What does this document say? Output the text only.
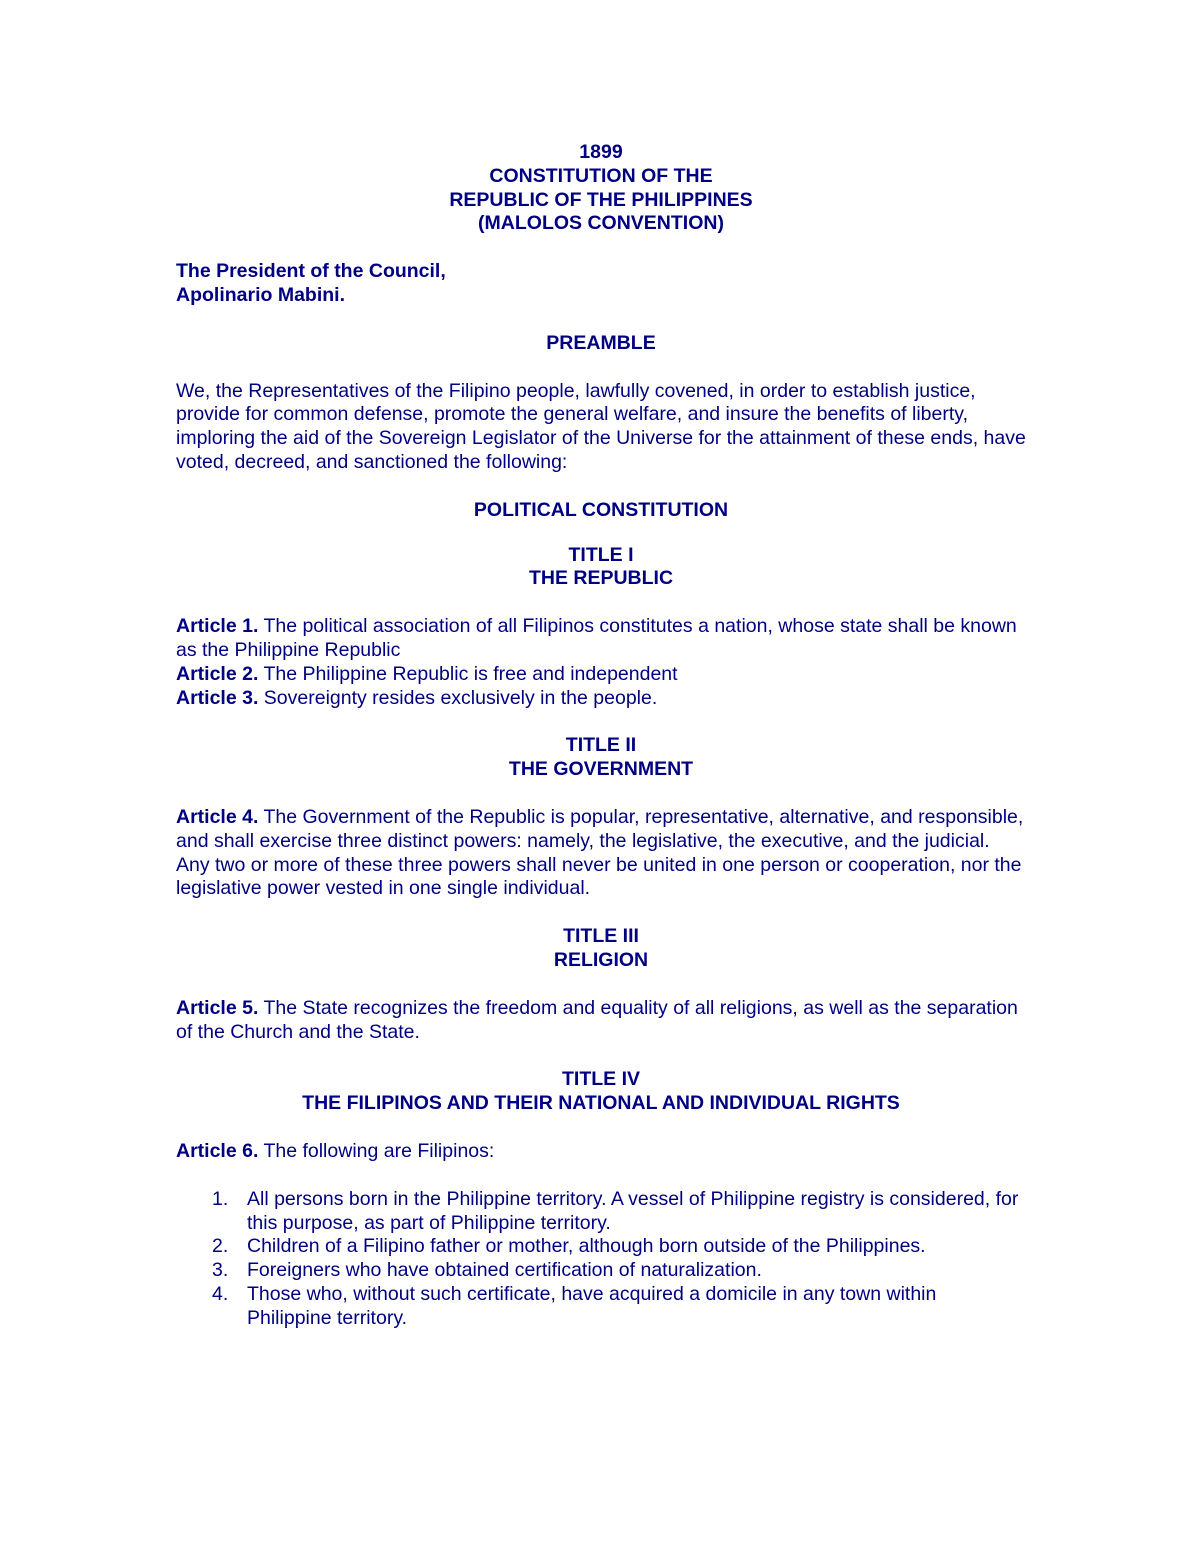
1899
CONSTITUTION OF THE
REPUBLIC OF THE PHILIPPINES
(MALOLOS CONVENTION)
The President of the Council,
Apolinario Mabini.
PREAMBLE

We, the Representatives of the Filipino people, lawfully covened, in order to establish justice, provide for common defense, promote the general welfare, and insure the benefits of liberty, imploring the aid of the Sovereign Legislator of the Universe for the attainment of these ends, have voted, decreed, and sanctioned the following:

POLITICAL CONSTITUTION
TITLE I
THE REPUBLIC

Article 1. The political association of all Filipinos constitutes a nation, whose state shall be known as the Philippine Republic

Article 2. The Philippine Republic is free and independent

Article 3. Sovereignty resides exclusively in the people.

TITLE II
THE GOVERNMENT

Article 4. The Government of the Republic is popular, representative, alternative, and responsible, and shall exercise three distinct powers: namely, the legislative, the executive, and the judicial. Any two or more of these three powers shall never be united in one person or cooperation, nor the legislative power vested in one single individual.

TITLE III
RELIGION

Article 5. The State recognizes the freedom and equality of all religions, as well as the separation of the Church and the State.

TITLE IV
THE FILIPINOS AND THEIR NATIONAL AND INDIVIDUAL RIGHTS

Article 6. The following are Filipinos:

1. All persons born in the Philippine territory. A vessel of Philippine registry is considered, for this purpose, as part of Philippine territory.
2. Children of a Filipino father or mother, although born outside of the Philippines.
3. Foreigners who have obtained certification of naturalization.
4. Those who, without such certificate, have acquired a domicile in any town within Philippine territory.
